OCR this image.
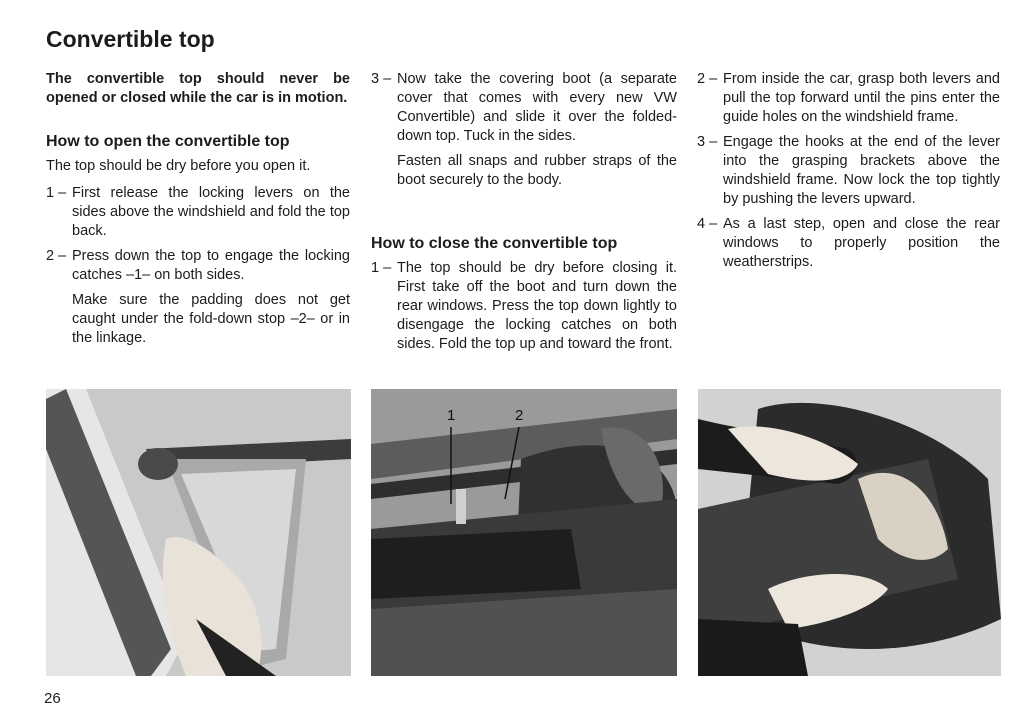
Convertible top

The convertible top should never be opened or closed while the car is in motion.

How to open the convertible top

The top should be dry before you open it.

1 – First release the locking levers on the sides above the windshield and fold the top back.
2 – Press down the top to engage the locking catches –1– on both sides.

Make sure the padding does not get caught under the fold-down stop –2– or in the linkage.

3 – Now take the covering boot (a separate cover that comes with every new VW Convertible) and slide it over the folded-down top. Tuck in the sides.

Fasten all snaps and rubber straps of the boot securely to the body.

How to close the convertible top
1 – The top should be dry before closing it. First take off the boot and turn down the rear windows. Press the top down lightly to disengage the locking catches on both sides. Fold the top up and toward the front.
2 – From inside the car, grasp both levers and pull the top forward until the pins enter the guide holes on the windshield frame.
3 – Engage the hooks at the end of the lever into the grasping brackets above the windshield frame. Now lock the top tightly by pushing the levers upward.
4 – As a last step, open and close the rear windows to properly position the weatherstrips.
1	2
26
